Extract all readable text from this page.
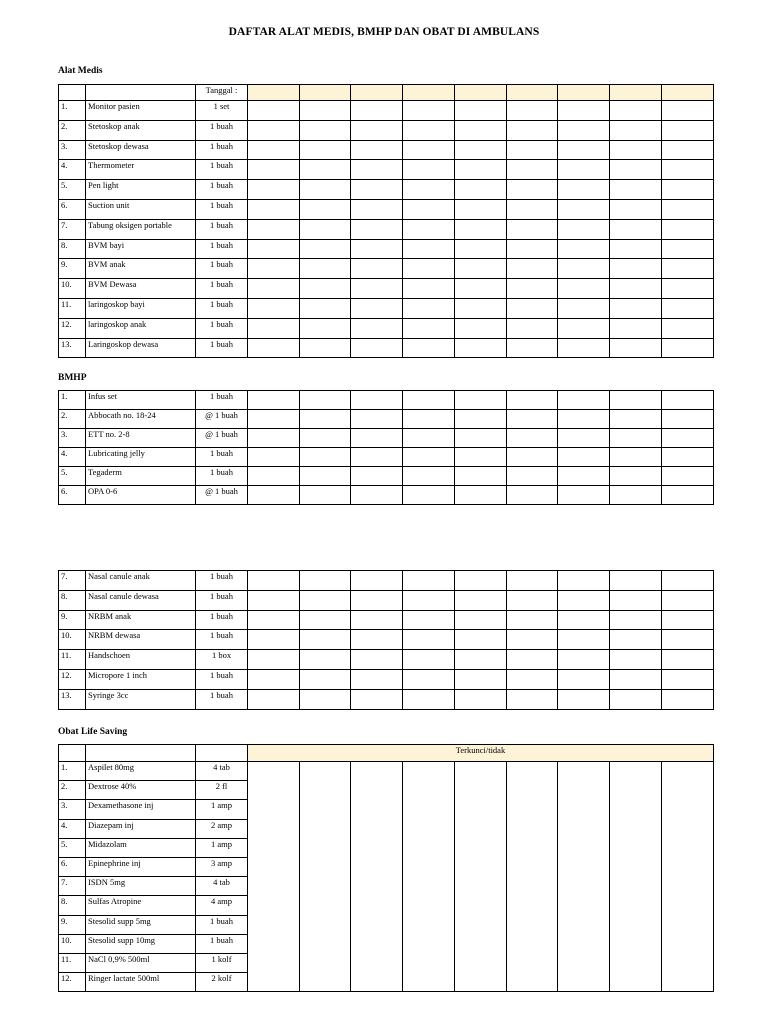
DAFTAR ALAT MEDIS, BMHP DAN OBAT DI AMBULANS
Alat Medis
		Tanggal :									
1.	Monitor pasien	1 set									
2.	Stetoskop anak	1 buah									
3.	Stetoskop dewasa	1 buah									
4.	Thermometer	1 buah									
5.	Pen light	1 buah									
6.	Suction unit	1 buah									
7.	Tabung oksigen portable	1 buah									
8.	BVM bayi	1 buah									
9.	BVM anak	1 buah									
10.	BVM Dewasa	1 buah									
11.	laringoskop bayi	1 buah									
12.	laringoskop anak	1 buah									
13.	Laringoskop dewasa	1 buah									
BMHP
1.	Infus set	1 buah									
2.	Abbocath no. 18-24	@ 1 buah									
3.	ETT no. 2-8	@ 1 buah									
4.	Lubricating jelly	1 buah									
5.	Tegaderm	1 buah									
6.	OPA 0-6	@ 1 buah									
7.	Nasal canule anak	1 buah									
8.	Nasal canule dewasa	1 buah									
9.	NRBM anak	1 buah									
10.	NRBM dewasa	1 buah									
11.	Handschoen	1 box									
12.	Micropore 1 inch	1 buah									
13.	Syringe 3cc	1 buah									
Obat Life Saving
			Terkunci/tidak								
1.	Aspilet 80mg	4 tab									
2.	Dextrose 40%	2 fl									
3.	Dexamethasone inj	1 amp									
4.	Diazepam inj	2 amp									
5.	Midazolam	1 amp									
6.	Epinephrine inj	3 amp									
7.	ISDN 5mg	4 tab									
8.	Sulfas Atropine	4 amp									
9.	Stesolid supp 5mg	1 buah									
10.	Stesolid supp 10mg	1 buah									
11.	NaCl 0,9% 500ml	1 kolf									
12.	Ringer lactate 500ml	2 kolf									
